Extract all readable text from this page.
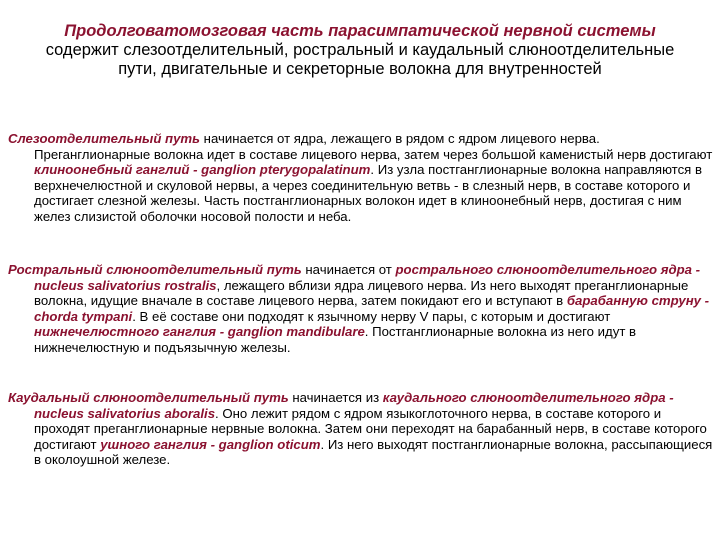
Продолговатомозговая часть парасимпатической нервной системы содержит слезоотделительный, ростральный и каудальный слюноотделительные пути, двигательные и секреторные волокна для внутренностей
Слезоотделительный путь начинается от ядра, лежащего в рядом с ядром лицевого нерва. Преганглионарные волокна идет в составе лицевого нерва, затем через большой каменистый нерв достигают клиноонебный ганглий - ganglion pterygopalatinum. Из узла постганглионарные волокна направляются в верхнечелюстной и скуловой нервы, а через соединительную ветвь - в слезный нерв, в составе которого и достигает слезной железы. Часть постганглионарных волокон идет в клиноонебный нерв, достигая с ним желез слизистой оболочки носовой полости и неба.
Ростральный слюноотделительный путь начинается от рострального слюноотделительного ядра - nucleus salivatorius rostralis, лежащего вблизи ядра лицевого нерва. Из него выходят преганглионарные волокна, идущие вначале в составе лицевого нерва, затем покидают его и вступают в барабанную струну - chorda tympani. В её составе они подходят к язычному нерву V пары, с которым и достигают нижнечелюстного ганглия - ganglion mandibulare. Постганглионарные волокна из него идут в нижнечелюстную и подъязычную железы.
Каудальный слюноотделительный путь начинается из каудального слюноотделительного ядра - nucleus salivatorius aboralis. Оно лежит рядом с ядром языкоглоточного нерва, в составе которого и проходят преганглионарные нервные волокна. Затем они переходят на барабанный нерв, в составе которого достигают ушного ганглия - ganglion oticum. Из него выходят постганглионарные волокна, рассыпающиеся в околоушной железе.
